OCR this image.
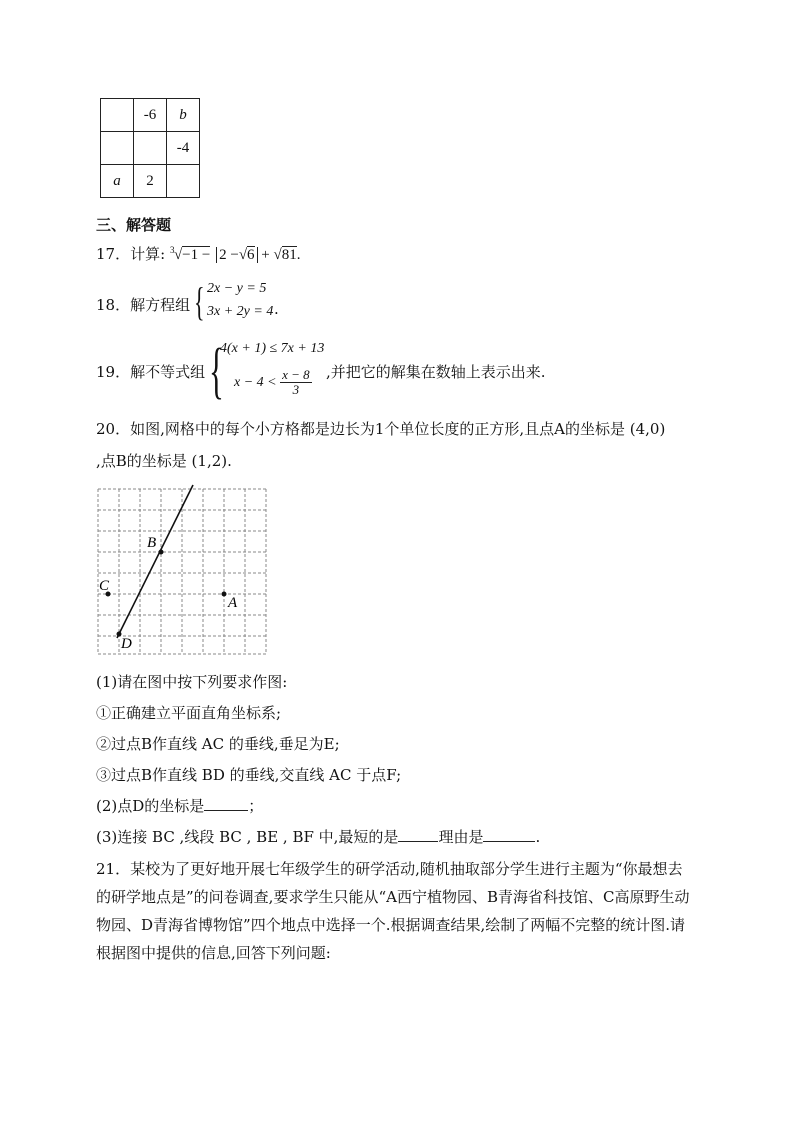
	-6	b
		-4
a	2	
三、解答题
17．计算: 3 √−1 − 2 −√6 + √81.
18．解方程组 { 2x − y = 5
3x + 2y = 4 .
19．解不等式组 {
4(x + 1) ≤ 7x + 13
$x - 4 < \frac{x - 8}{3}$ ,并把它的解集在数轴上表示出来.
20．如图,网格中的每个小方格都是边长为1个单位长度的正方形,且点A的坐标是 (4,0)
,点B的坐标是 (1,2).
B
C
A
D
(1)请在图中按下列要求作图:
①正确建立平面直角坐标系;
②过点B作直线 AC 的垂线,垂足为E;
③过点B作直线 BD 的垂线,交直线 AC 于点F;
(2)点D的坐标是	；
(3)连接 BC ,线段 BC , BE , BF 中,最短的是	理由是	.
21．某校为了更好地开展七年级学生的研学活动,随机抽取部分学生进行主题为“你最想去的研学地点是”的问卷调查,要求学生只能从“A西宁植物园、B青海省科技馆、C高原野生动物园、D青海省博物馆”四个地点中选择一个.根据调查结果,绘制了两幅不完整的统计图.请根据图中提供的信息,回答下列问题:
